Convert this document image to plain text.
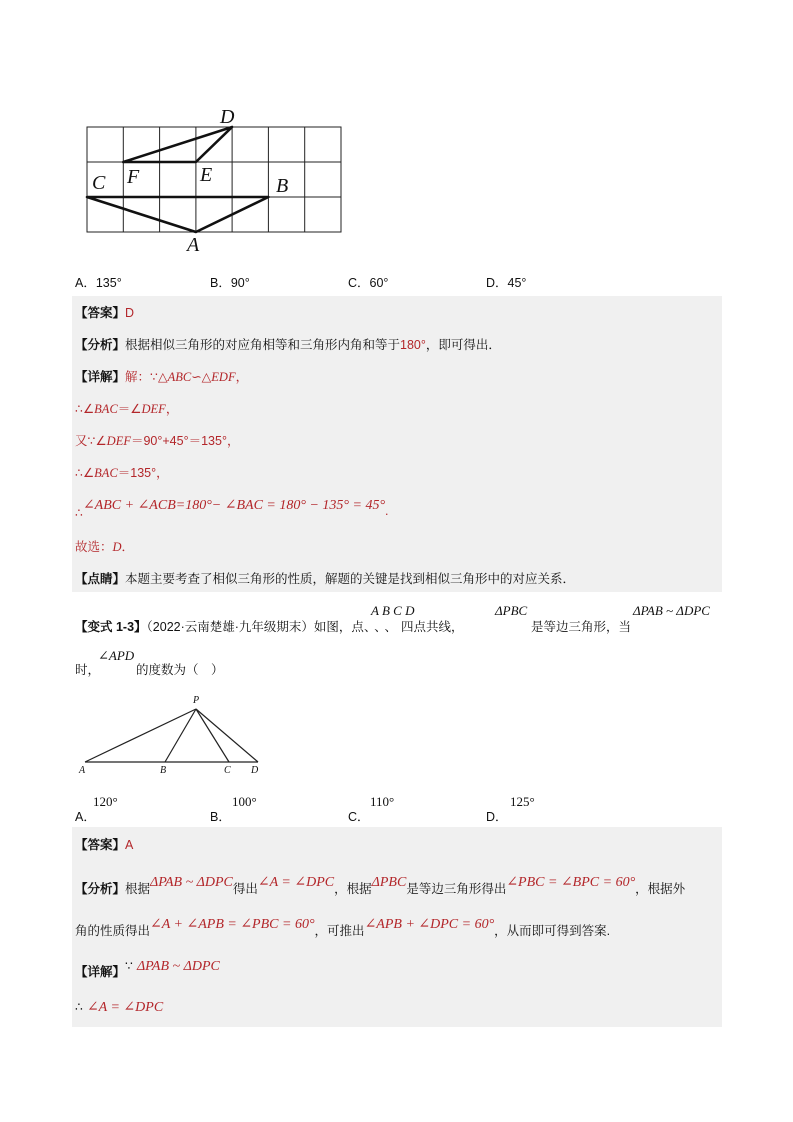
D
C F	E	B
A
A．135°	B．90°	C．60°	D．45°
【答案】D
【分析】根据相似三角形的对应角相等和三角形内角和等于180°，即可得出．
【详解】解：∵△ABC∽△EDF，
∴∠BAC＝∠DEF，
又∵∠DEF＝90°+45°＝135°，
∴∠BAC＝135°，
∴∠ABC + ∠ACB=180°− ∠BAC = 180° − 135° = 45°.
故选：D．
【点睛】本题主要考查了相似三角形的性质，解题的关键是找到相似三角形中的对应关系．
【变式 1-3】（2022·云南楚雄·九年级期末）如图，点、、、四点共线，
A B C D	ΔPBC
是等边三角形，当
ΔPAB ~ ΔDPC
时，
∠APD
的度数为（　）
P
A	B	C D
A．
120°
B．
100°
C．
110°
D．
125°
【答案】A
【分析】根据ΔPAB ~ ΔDPC得出∠A = ∠DPC，根据ΔPBC是等边三角形得出∠PBC = ∠BPC = 60°，根据外
角的性质得出∠A + ∠APB = ∠PBC = 60°，可推出∠APB + ∠DPC = 60°，从而即可得到答案.
【详解】∵ ΔPAB ~ ΔDPC
∴ ∠A = ∠DPC
